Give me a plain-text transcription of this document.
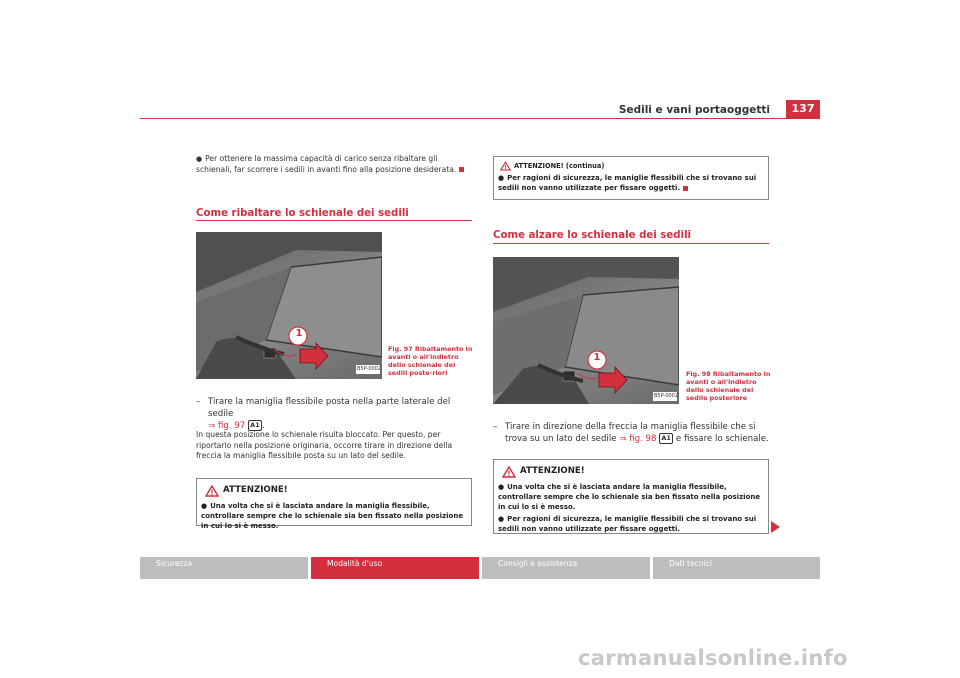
Sedili e vani portaoggetti	137
● Per ottenere la massima capacità di carico senza ribaltare gli schienali, far scorrere i sedili in avanti fino alla posizione desiderata.
Come ribaltare lo schienale dei sedili
1
B5P-0002
Fig. 97 Ribaltamento in avanti o all'indietro dello schienale dei sedili poste-riori
– Tirare la maniglia flessibile posta nella parte laterale del sedile
⇒ fig. 97 A1 .
In questa posizione lo schienale risulta bloccato. Per questo, per riportarlo nella posizione originaria, occorre tirare in direzione della freccia la maniglia flessibile posta su un lato del sedile.
ATTENZIONE!
● Una volta che si è lasciata andare la maniglia flessibile, controllare sempre che lo schienale sia ben fissato nella posizione in cui lo si è messo.
ATTENZIONE! (continua)
● Per ragioni di sicurezza, le maniglie flessibili che si trovano sui sedili non vanno utilizzate per fissare oggetti.
Come alzare lo schienale dei sedili
1
B5P-0002
Fig. 98 Ribaltamento in avanti o all'indietro dello schienale del sedile posteriore
– Tirare in direzione della freccia la maniglia flessibile che si trova su un lato del sedile ⇒ fig. 98 A1 e fissare lo schienale.
ATTENZIONE!
● Una volta che si è lasciata andare la maniglia flessibile, controllare sempre che lo schienale sia ben fissato nella posizione in cui lo si è messo.
● Per ragioni di sicurezza, le maniglie flessibili che si trovano sui sedili non vanno utilizzate per fissare oggetti.
Sicurezza	Modalità d'uso	Consigli e assistenza	Dati tecnici
carmanualsonline.info
